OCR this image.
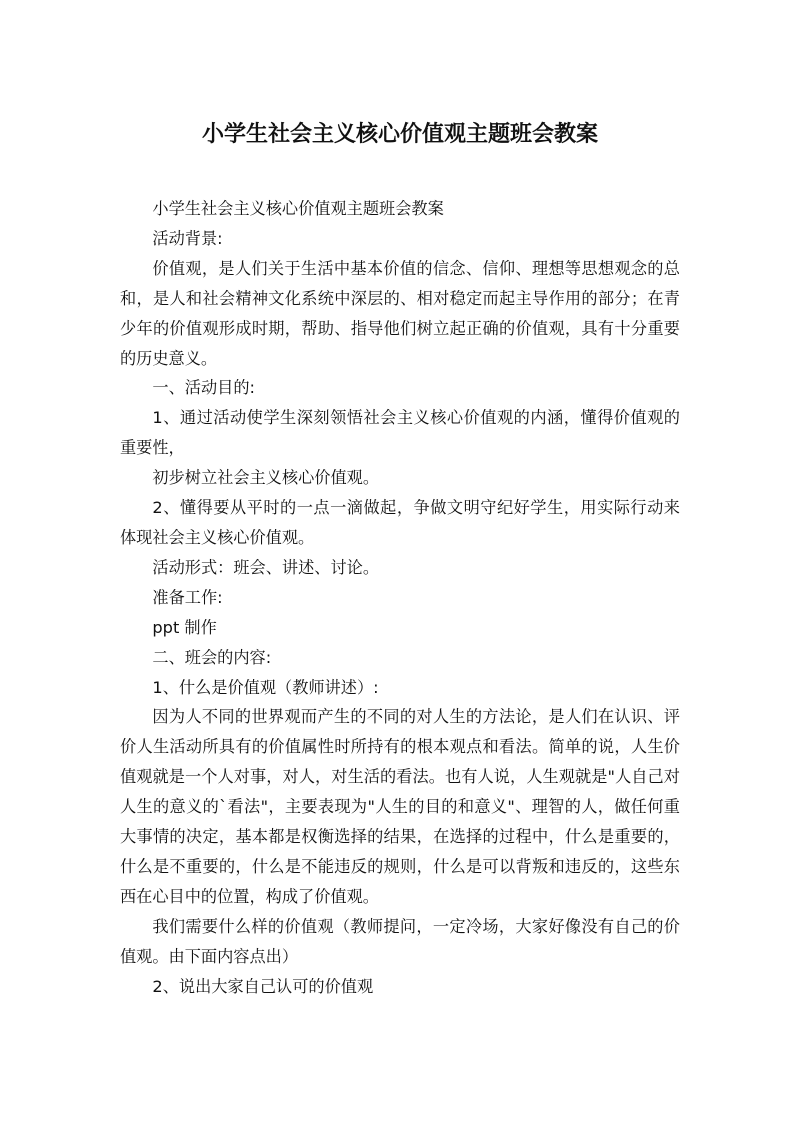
小学生社会主义核心价值观主题班会教案

小学生社会主义核心价值观主题班会教案

活动背景:

价值观，是人们关于生活中基本价值的信念、信仰、理想等思想观念的总和，是人和社会精神文化系统中深层的、相对稳定而起主导作用的部分；在青少年的价值观形成时期，帮助、指导他们树立起正确的价值观，具有十分重要的历史意义。

一、活动目的:

1、通过活动使学生深刻领悟社会主义核心价值观的内涵，懂得价值观的重要性，

初步树立社会主义核心价值观。

2、懂得要从平时的一点一滴做起，争做文明守纪好学生，用实际行动来体现社会主义核心价值观。

活动形式：班会、讲述、讨论。

准备工作:

ppt 制作

二、班会的内容:

1、什么是价值观（教师讲述）:

因为人不同的世界观而产生的不同的对人生的方法论，是人们在认识、评价人生活动所具有的价值属性时所持有的根本观点和看法。简单的说，人生价值观就是一个人对事，对人，对生活的看法。也有人说，人生观就是"人自己对人生的意义的`看法"，主要表现为"人生的目的和意义"、理智的人，做任何重大事情的决定，基本都是权衡选择的结果，在选择的过程中，什么是重要的，什么是不重要的，什么是不能违反的规则，什么是可以背叛和违反的，这些东西在心目中的位置，构成了价值观。

我们需要什么样的价值观（教师提问，一定冷场，大家好像没有自己的价值观。由下面内容点出）

2、说出大家自己认可的价值观
